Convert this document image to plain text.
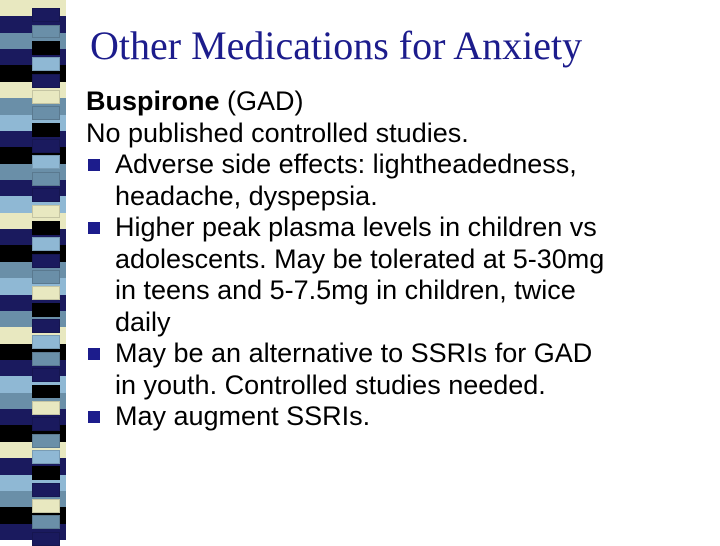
Other Medications for Anxiety
Buspirone (GAD)
No published controlled studies.
Adverse side effects: lightheadedness,
headache, dyspepsia.
Higher peak plasma levels in children vs
adolescents. May be tolerated at 5-30mg
in teens and 5-7.5mg in children, twice
daily
May be an alternative to SSRIs for GAD
in youth. Controlled studies needed.
May augment SSRIs.
